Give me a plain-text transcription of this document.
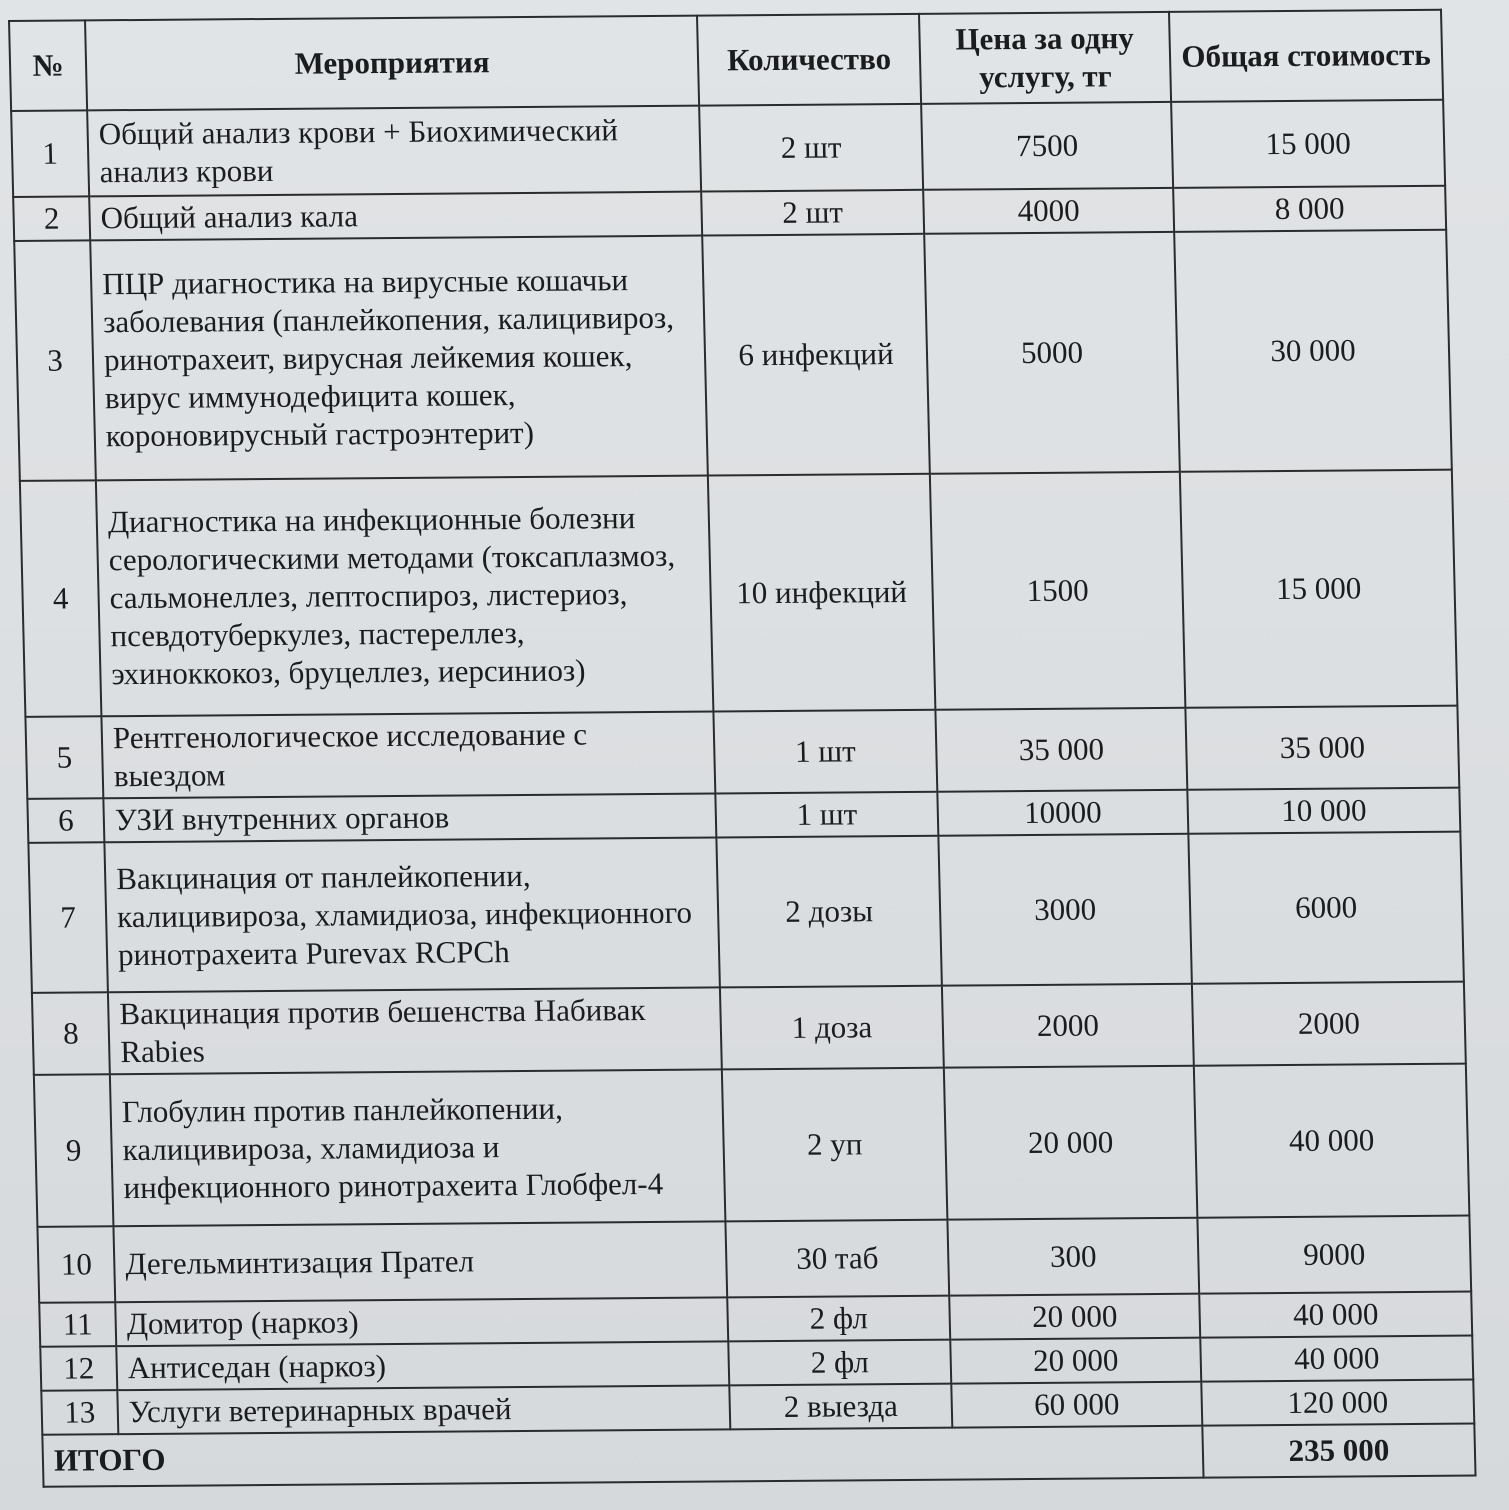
№	Мероприятия	Количество	Цена за одну услугу, тг	Общая стоимость
1	Общий анализ крови + Биохимический анализ крови	2 шт	7500	15 000
2	Общий анализ кала	2 шт	4000	8 000
3	ПЦР диагностика на вирусные кошачьи заболевания (панлейкопения, калицивироз, ринотрахеит, вирусная лейкемия кошек, вирус иммунодефицита кошек, короновирусный гастроэнтерит)	6 инфекций	5000	30 000
4	Диагностика на инфекционные болезни серологическими методами (токсаплазмоз, сальмонеллез, лептоспироз, листериоз, псевдотуберкулез, пастереллез, эхиноккокоз, бруцеллез, иерсиниоз)	10 инфекций	1500	15 000
5	Рентгенологическое исследование с выездом	1 шт	35 000	35 000
6	УЗИ внутренних органов	1 шт	10000	10 000
7	Вакцинация от панлейкопении, калицивироза, хламидиоза, инфекционного ринотрахеита Purevax RCPCh	2 дозы	3000	6000
8	Вакцинация против бешенства Набивак Rabies	1 доза	2000	2000
9	Глобулин против панлейкопении, калицивироза, хламидиоза и инфекционного ринотрахеита Глобфел-4	2 уп	20 000	40 000
10	Дегельминтизация Прател	30 таб	300	9000
11	Домитор (наркоз)	2 фл	20 000	40 000
12	Антиседан (наркоз)	2 фл	20 000	40 000
13	Услуги ветеринарных врачей	2 выезда	60 000	120 000
ИТОГО				235 000
